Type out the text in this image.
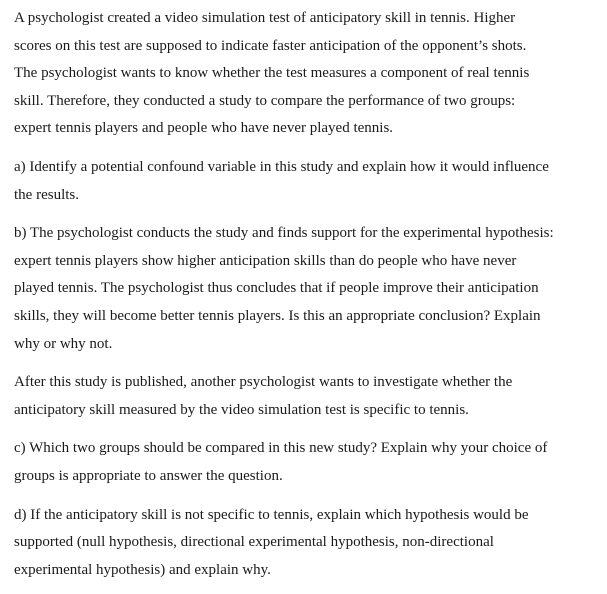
A psychologist created a video simulation test of anticipatory skill in tennis. Higher
scores on this test are supposed to indicate faster anticipation of the opponent’s shots.
The psychologist wants to know whether the test measures a component of real tennis
skill. Therefore, they conducted a study to compare the performance of two groups:
expert tennis players and people who have never played tennis.

a) Identify a potential confound variable in this study and explain how it would influence
the results.

b) The psychologist conducts the study and finds support for the experimental hypothesis:
expert tennis players show higher anticipation skills than do people who have never
played tennis. The psychologist thus concludes that if people improve their anticipation
skills, they will become better tennis players. Is this an appropriate conclusion? Explain
why or why not.

After this study is published, another psychologist wants to investigate whether the
anticipatory skill measured by the video simulation test is specific to tennis.

c) Which two groups should be compared in this new study? Explain why your choice of
groups is appropriate to answer the question.

d) If the anticipatory skill is not specific to tennis, explain which hypothesis would be
supported (null hypothesis, directional experimental hypothesis, non-directional
experimental hypothesis) and explain why.
